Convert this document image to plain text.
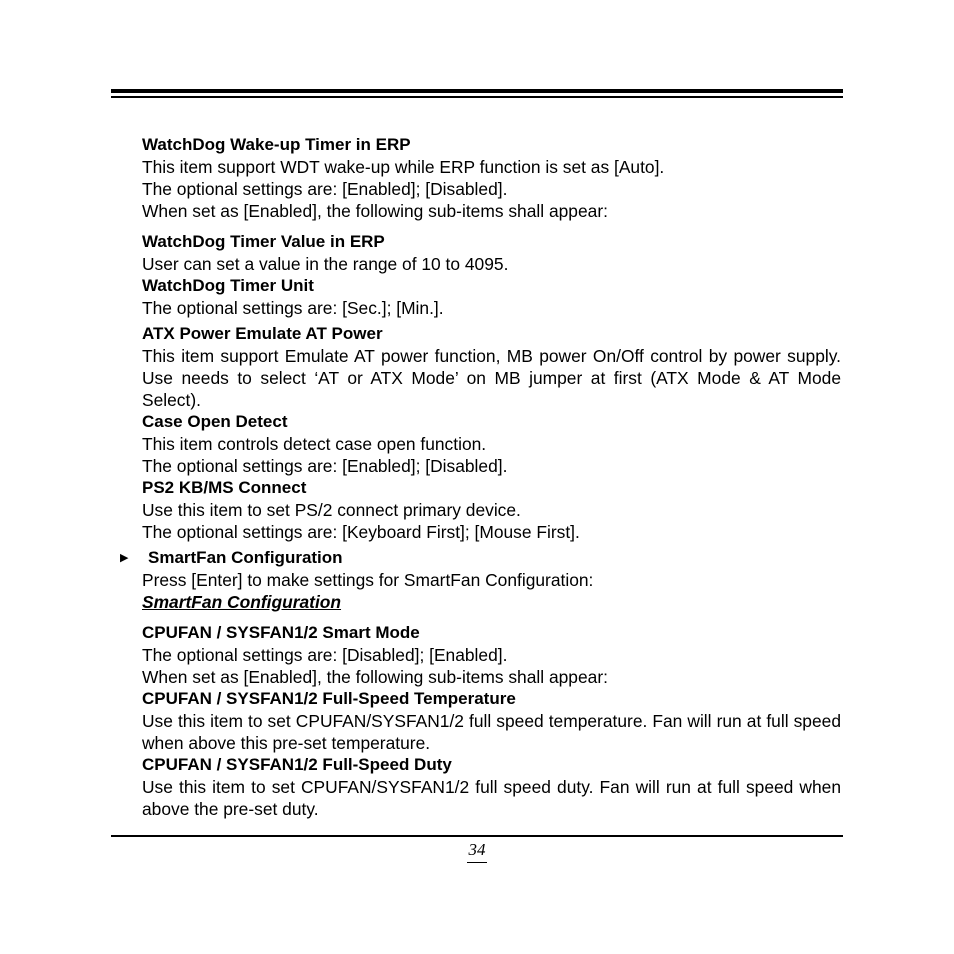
WatchDog Wake-up Timer in ERP

This item support WDT wake-up while ERP function is set as [Auto].

The optional settings are: [Enabled]; [Disabled].

When set as [Enabled], the following sub-items shall appear:

WatchDog Timer Value in ERP

User can set a value in the range of 10 to 4095.

WatchDog Timer Unit

The optional settings are: [Sec.]; [Min.].

ATX Power Emulate AT Power

This item support Emulate AT power function, MB power On/Off control by power supply. Use needs to select ‘AT or ATX Mode’ on MB jumper at first (ATX Mode & AT Mode Select).

Case Open Detect

This item controls detect case open function.

The optional settings are: [Enabled]; [Disabled].

PS2 KB/MS Connect

Use this item to set PS/2 connect primary device.

The optional settings are: [Keyboard First]; [Mouse First].

▶	SmartFan Configuration

Press [Enter] to make settings for SmartFan Configuration:

SmartFan Configuration

CPUFAN / SYSFAN1/2 Smart Mode

The optional settings are: [Disabled]; [Enabled].

When set as [Enabled], the following sub-items shall appear:

CPUFAN / SYSFAN1/2 Full-Speed Temperature

Use this item to set CPUFAN/SYSFAN1/2 full speed temperature. Fan will run at full speed when above this pre-set temperature.

CPUFAN / SYSFAN1/2 Full-Speed Duty

Use this item to set CPUFAN/SYSFAN1/2 full speed duty. Fan will run at full speed when above the pre-set duty.

34
